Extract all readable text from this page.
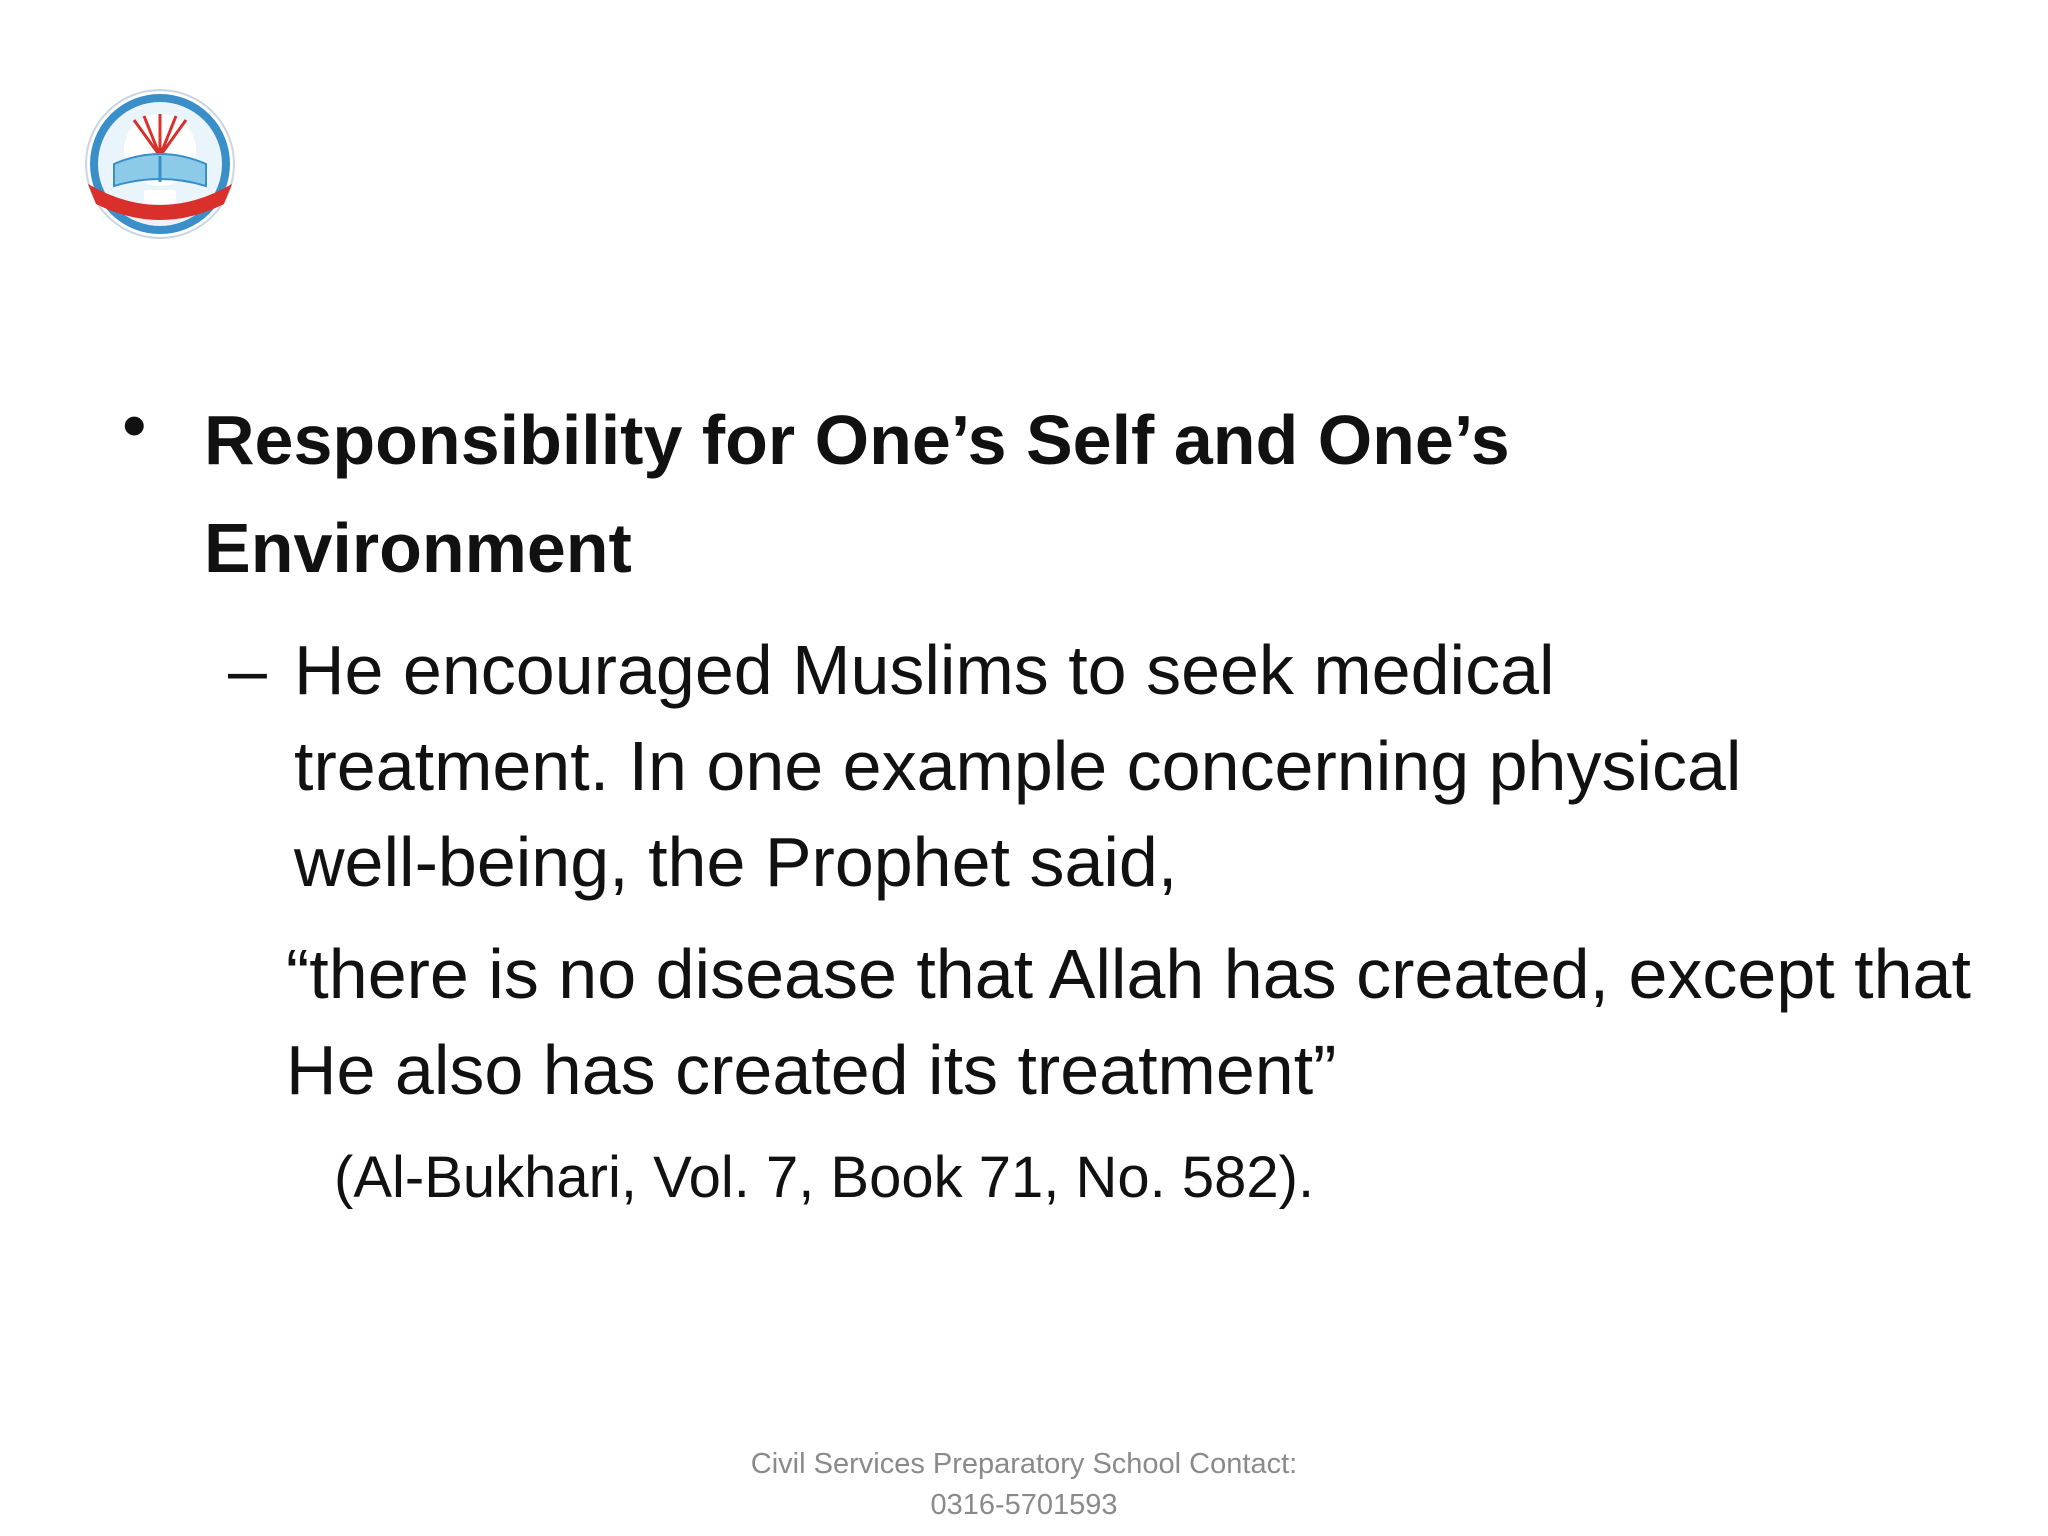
• Responsibility for One’s Self and One’s Environment

– He encouraged Muslims to seek medical treatment. In one example concerning physical well-being, the Prophet said,

“there is no disease that Allah has created, except that He also has created its treatment”

(Al-Bukhari, Vol. 7, Book 71, No. 582).

Civil Services Preparatory School Contact:
0316-5701593
